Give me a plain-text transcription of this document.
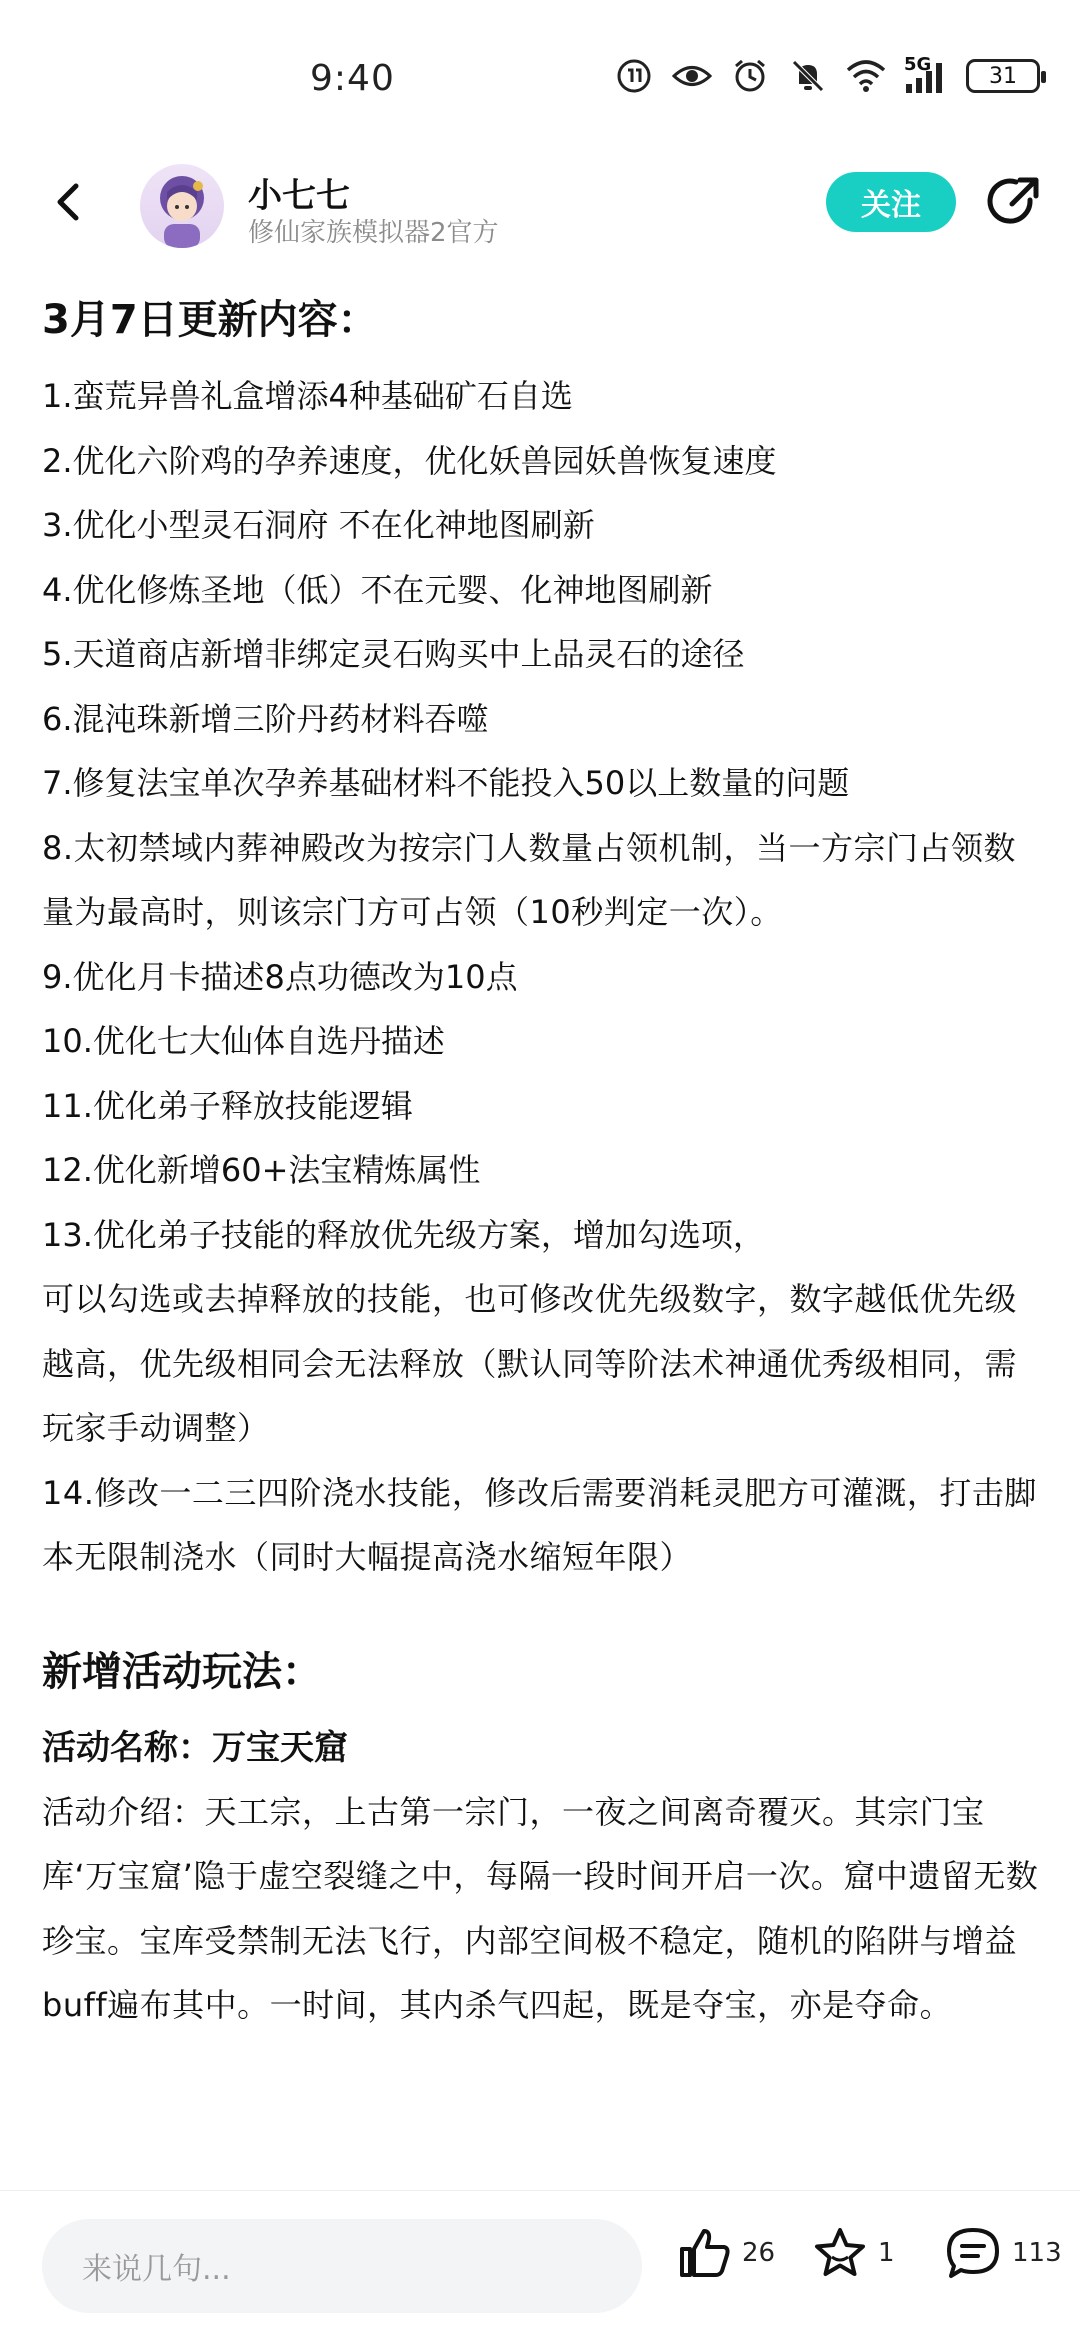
9:40	5G	31
小七七
修仙家族模拟器2官方
关注
3月7日更新内容：
1.蛮荒异兽礼盒增添4种基础矿石自选
2.优化六阶鸡的孕养速度，优化妖兽园妖兽恢复速度
3.优化小型灵石洞府 不在化神地图刷新
4.优化修炼圣地（低）不在元婴、化神地图刷新
5.天道商店新增非绑定灵石购买中上品灵石的途径
6.混沌珠新增三阶丹药材料吞噬
7.修复法宝单次孕养基础材料不能投入50以上数量的问题
8.太初禁域内葬神殿改为按宗门人数量占领机制，当一方宗门占领数量为最高时，则该宗门方可占领（10秒判定一次）。
9.优化月卡描述8点功德改为10点
10.优化七大仙体自选丹描述
11.优化弟子释放技能逻辑
12.优化新增60+法宝精炼属性
13.优化弟子技能的释放优先级方案，增加勾选项，
可以勾选或去掉释放的技能，也可修改优先级数字，数字越低优先级越高，优先级相同会无法释放（默认同等阶法术神通优秀级相同，需玩家手动调整）
14.修改一二三四阶浇水技能，修改后需要消耗灵肥方可灌溉，打击脚本无限制浇水（同时大幅提高浇水缩短年限）
新增活动玩法：
活动名称：万宝天窟
活动介绍：天工宗，上古第一宗门，一夜之间离奇覆灭。其宗门宝库‘万宝窟’隐于虚空裂缝之中，每隔一段时间开启一次。窟中遗留无数珍宝。宝库受禁制无法飞行，内部空间极不稳定，随机的陷阱与增益buff遍布其中。一时间，其内杀气四起，既是夺宝，亦是夺命。
来说几句...	26	1	113
